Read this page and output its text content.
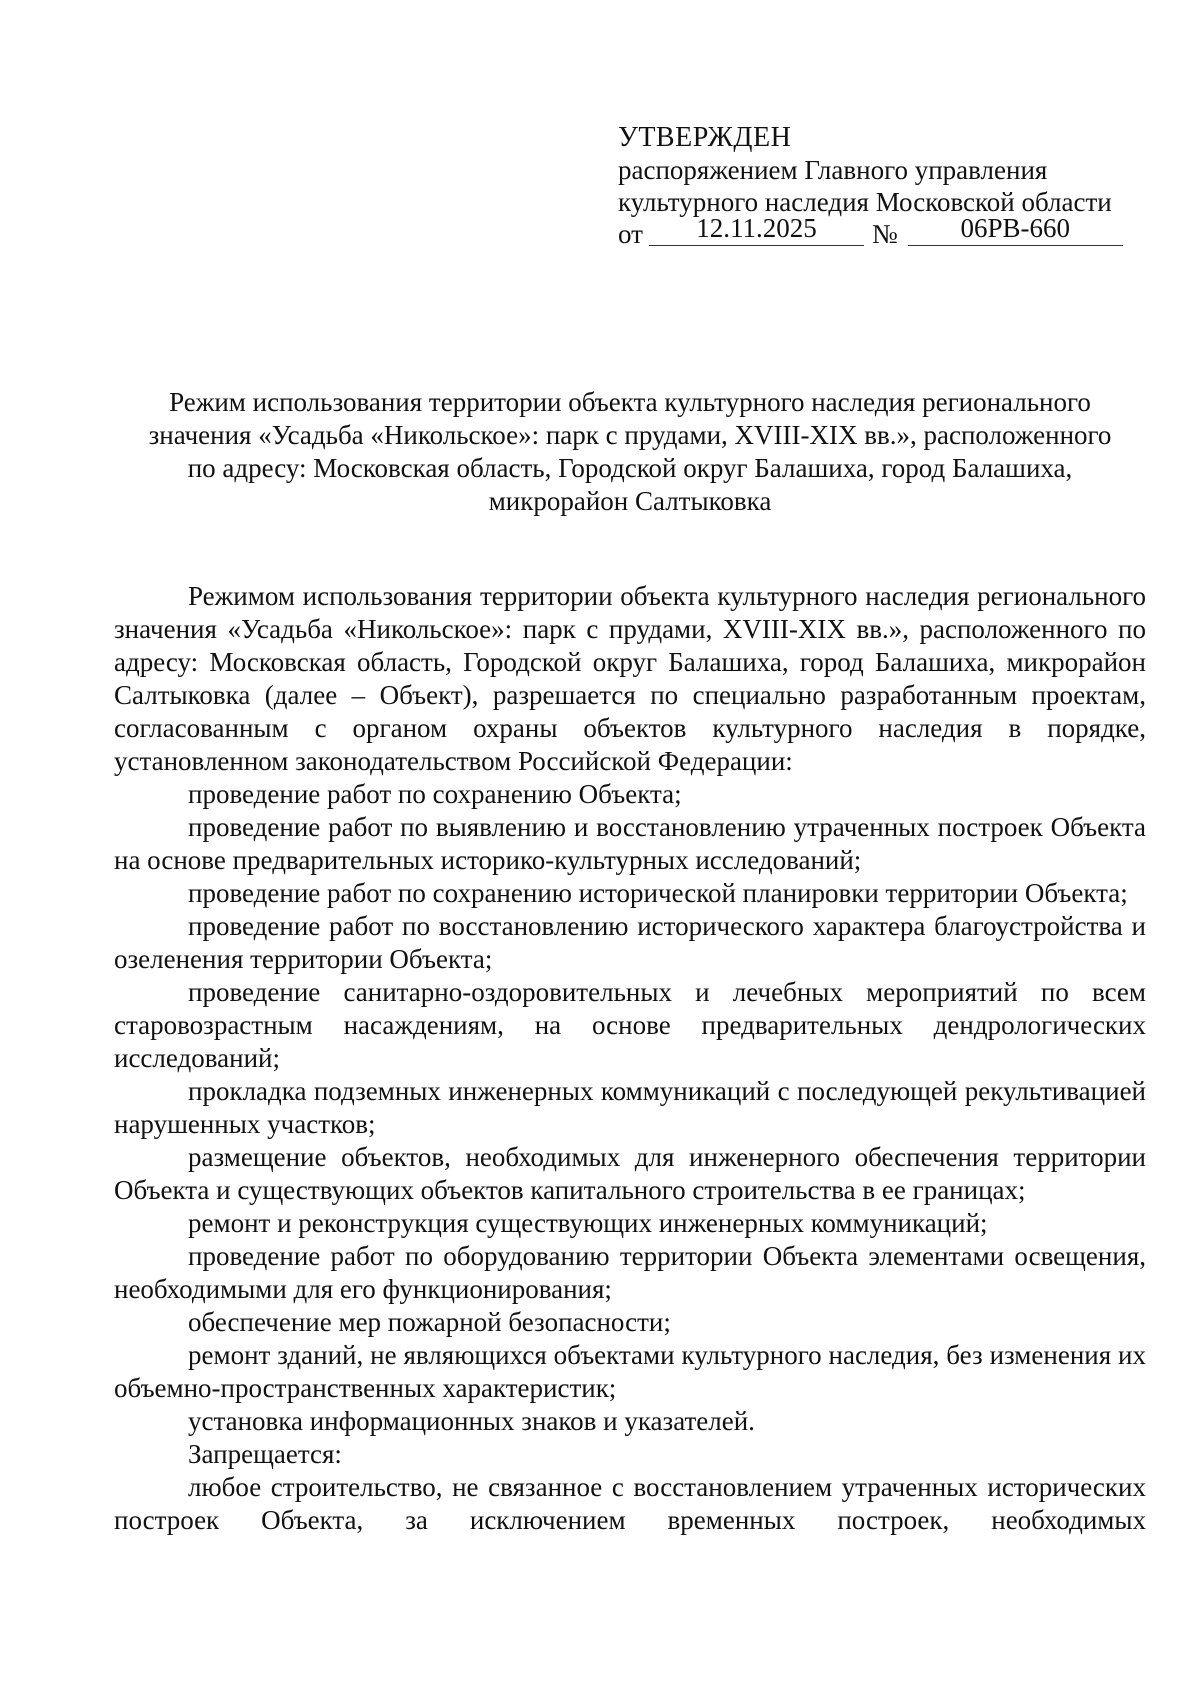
УТВЕРЖДЕН
распоряжением Главного управления
культурного наследия Московской области
от	12.11.2025	№	06РВ-660
Режим использования территории объекта культурного наследия регионального
значения «Усадьба «Никольское»: парк с прудами, XVIII-XIX вв.», расположенного
по адресу: Московская область, Городской округ Балашиха, город Балашиха,
микрорайон Салтыковка

Режимом использования территории объекта культурного наследия регионального значения «Усадьба «Никольское»: парк с прудами, XVIII-XIX вв.», расположенного по адресу: Московская область, Городской округ Балашиха, город Балашиха, микрорайон Салтыковка (далее – Объект), разрешается по специально разработанным проектам, согласованным с органом охраны объектов культурного наследия в порядке, установленном законодательством Российской Федерации:

проведение работ по сохранению Объекта;

проведение работ по выявлению и восстановлению утраченных построек Объекта на основе предварительных историко-культурных исследований;

проведение работ по сохранению исторической планировки территории Объекта;

проведение работ по восстановлению исторического характера благоустройства и озеленения территории Объекта;

проведение санитарно-оздоровительных и лечебных мероприятий по всем старовозрастным насаждениям, на основе предварительных дендрологических исследований;

прокладка подземных инженерных коммуникаций с последующей рекультивацией нарушенных участков;

размещение объектов, необходимых для инженерного обеспечения территории Объекта и существующих объектов капитального строительства в ее границах;

ремонт и реконструкция существующих инженерных коммуникаций;

проведение работ по оборудованию территории Объекта элементами освещения, необходимыми для его функционирования;

обеспечение мер пожарной безопасности;

ремонт зданий, не являющихся объектами культурного наследия, без изменения их объемно-пространственных характеристик;

установка информационных знаков и указателей.

Запрещается:

любое строительство, не связанное с восстановлением утраченных исторических построек Объекта, за исключением временных построек, необходимых
